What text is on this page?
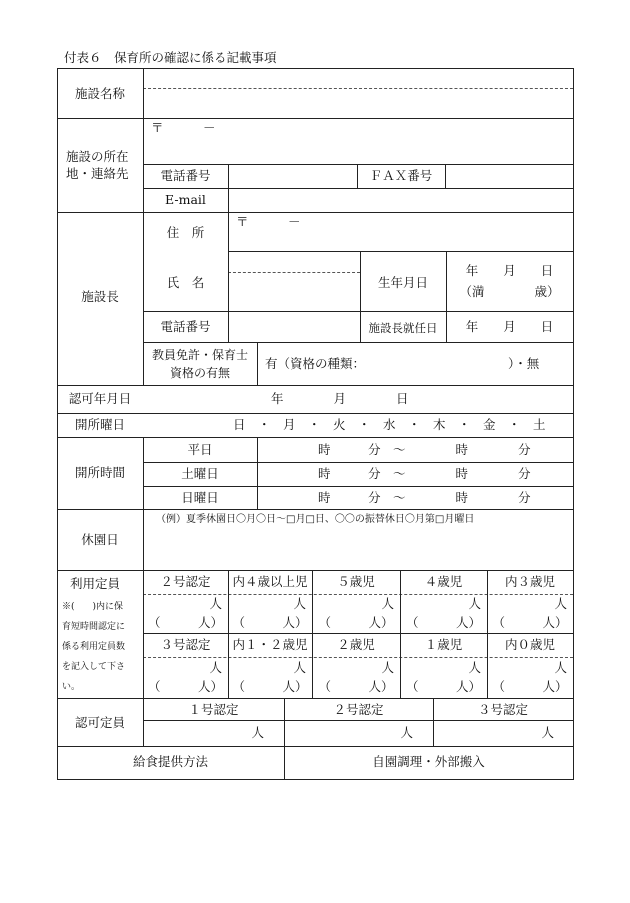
付表６　保育所の確認に係る記載事項
施設名称
施設の所在
地・連絡先
〒	－
電話番号	ＦＡＸ番号
E-mail
施設長
住　所
〒	－
氏　名	生年月日
年　　月　　日
（満　　　　歳）
電話番号	施設長就任日	年　　月　　日
教員免許・保育士
資格の有無
有（資格の種類：	）・無
認可年月日	年　　　　月　　　　日
開所曜日	日　・　月　・　火　・　水　・　木　・　金　・　土
開所時間
平日	時　　　分　～　　　　時　　　　分
土曜日	時　　　分　～　　　　時　　　　分
日曜日	時　　　分　～　　　　時　　　　分
休園日
（例）夏季休園日〇月〇日～□月□日、〇〇の振替休日〇月第□月曜日
利用定員
※(　　)内に保
育短時間認定に
係る利用定員数
を記入して下さ
い。
２号認定	内４歳以上児	５歳児	４歳児	内３歳児
人	人	人	人	人
（　　　人） （　　　人） （　　　人） （　　　人） （　　　人）
３号認定	内１・２歳児	２歳児	１歳児	内０歳児
人	人	人	人	人
（　　　人） （　　　人） （　　　人） （　　　人） （　　　人）
認可定員
１号認定	２号認定	３号認定
人	人	人
給食提供方法	自園調理・外部搬入
